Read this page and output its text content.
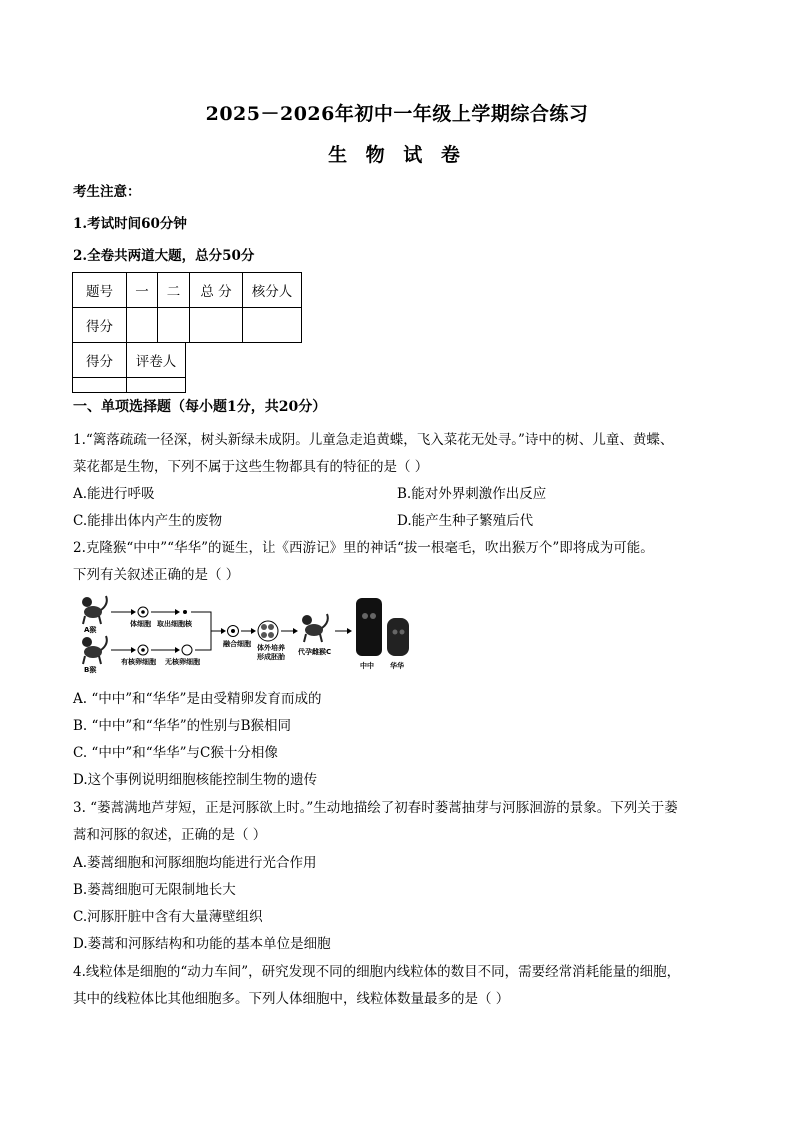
2025－2026年初中一年级上学期综合练习
生 物 试 卷
考生注意：
1.考试时间60分钟
2.全卷共两道大题，总分50分
题号	一	二	总 分	核分人
得分				
得分	评卷人

一、单项选择题（每小题1分，共20分）
1.“篱落疏疏一径深，树头新绿未成阴。儿童急走追黄蝶，飞入菜花无处寻。”诗中的树、儿童、黄蝶、
菜花都是生物，下列不属于这些生物都具有的特征的是（ ）
A.能进行呼吸	B.能对外界刺激作出反应
C.能排出体内产生的废物	D.能产生种子繁殖后代
2.克隆猴“中中”“华华”的诞生，让《西游记》里的神话“拔一根毫毛，吹出猴万个”即将成为可能。
下列有关叙述正确的是（ ）
A猴
B猴
体细胞 取出细胞核
有核卵细胞 无核卵细胞
融合细胞 体外培养
形成胚胎
代孕雌猴C
中中 华华
A. “中中”和“华华”是由受精卵发育而成的
B. “中中”和“华华”的性别与B猴相同
C. “中中”和“华华”与C猴十分相像
D.这个事例说明细胞核能控制生物的遗传
3. “蒌蒿满地芦芽短，正是河豚欲上时。”生动地描绘了初春时蒌蒿抽芽与河豚洄游的景象。下列关于蒌
蒿和河豚的叙述，正确的是（ ）
A.蒌蒿细胞和河豚细胞均能进行光合作用
B.蒌蒿细胞可无限制地长大
C.河豚肝脏中含有大量薄壁组织
D.蒌蒿和河豚结构和功能的基本单位是细胞
4.线粒体是细胞的“动力车间”，研究发现不同的细胞内线粒体的数目不同，需要经常消耗能量的细胞，
其中的线粒体比其他细胞多。下列人体细胞中，线粒体数量最多的是（ ）
